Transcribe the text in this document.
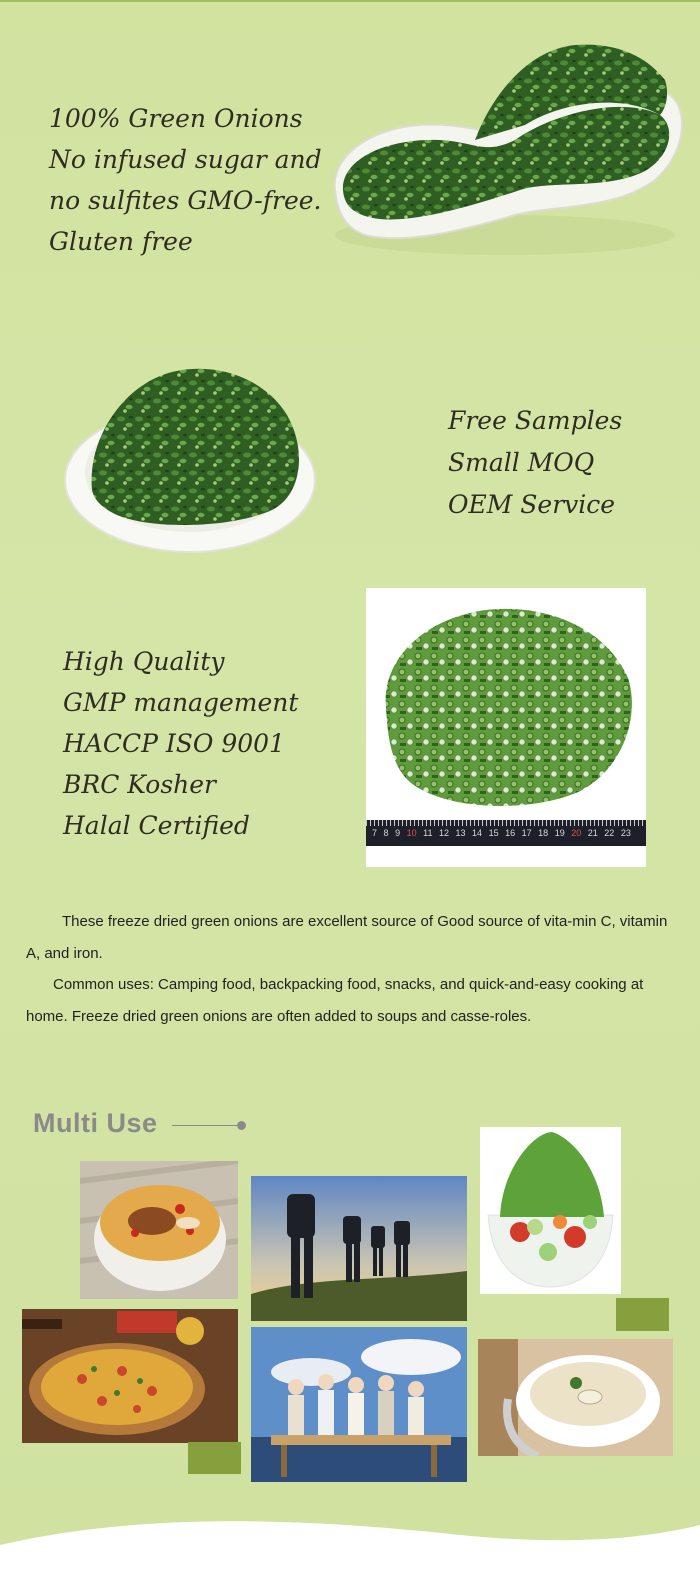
100% Green Onions
No infused sugar and
no sulfites GMO-free.
Gluten free
Free Samples
Small MOQ
OEM Service
High Quality
GMP management
HACCP ISO 9001
BRC Kosher
Halal Certified	7 8 9 10 11 12 13 14 15 16 17 18 19 20 21 22 23

These freeze dried green onions are excellent source of Good source of vita-min C, vitamin A, and iron.

Common uses: Camping food, backpacking food, snacks, and quick-and-easy cooking at home. Freeze dried green onions are often added to soups and casse-roles.

Multi Use
